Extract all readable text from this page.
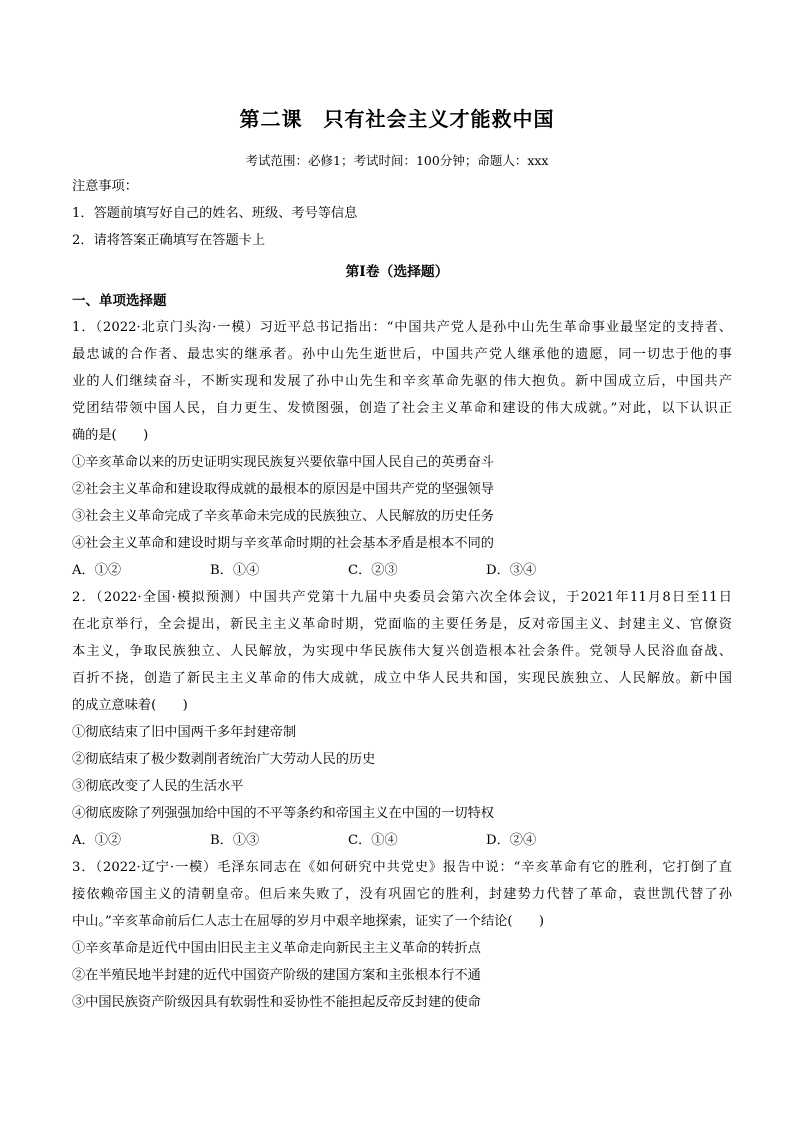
第二课　只有社会主义才能救中国
考试范围：必修1；考试时间：100分钟；命题人：xxx
注意事项：
1．答题前填写好自己的姓名、班级、考号等信息
2．请将答案正确填写在答题卡上
第I卷（选择题）
一、单项选择题
1．（2022·北京门头沟·一模）习近平总书记指出：“中国共产党人是孙中山先生革命事业最坚定的支持者、
最忠诚的合作者、最忠实的继承者。孙中山先生逝世后，中国共产党人继承他的遗愿，同一切忠于他的事
业的人们继续奋斗，不断实现和发展了孙中山先生和辛亥革命先驱的伟大抱负。新中国成立后，中国共产
党团结带领中国人民，自力更生、发愤图强，创造了社会主义革命和建设的伟大成就。”对此，以下认识正
确的是(　　)
①辛亥革命以来的历史证明实现民族复兴要依靠中国人民自己的英勇奋斗
②社会主义革命和建设取得成就的最根本的原因是中国共产党的坚强领导
③社会主义革命完成了辛亥革命未完成的民族独立、人民解放的历史任务
④社会主义革命和建设时期与辛亥革命时期的社会基本矛盾是根本不同的
A．①②	B．①④	C．②③	D．③④
2．（2022·全国·模拟预测）中国共产党第十九届中央委员会第六次全体会议，于2021年11月8日至11日
在北京举行，全会提出，新民主主义革命时期，党面临的主要任务是，反对帝国主义、封建主义、官僚资
本主义，争取民族独立、人民解放，为实现中华民族伟大复兴创造根本社会条件。党领导人民浴血奋战、
百折不挠，创造了新民主主义革命的伟大成就，成立中华人民共和国，实现民族独立、人民解放。新中国
的成立意味着(　　)
①彻底结束了旧中国两千多年封建帝制
②彻底结束了极少数剥削者统治广大劳动人民的历史
③彻底改变了人民的生活水平
④彻底废除了列强强加给中国的不平等条约和帝国主义在中国的一切特权
A．①②	B．①③	C．①④	D．②④
3．（2022·辽宁·一模）毛泽东同志在《如何研究中共党史》报告中说：“辛亥革命有它的胜利，它打倒了直
接依赖帝国主义的清朝皇帝。但后来失败了，没有巩固它的胜利，封建势力代替了革命，袁世凯代替了孙
中山。”辛亥革命前后仁人志士在屈辱的岁月中艰辛地探索，证实了一个结论(　　)
①辛亥革命是近代中国由旧民主主义革命走向新民主主义革命的转折点
②在半殖民地半封建的近代中国资产阶级的建国方案和主张根本行不通
③中国民族资产阶级因具有软弱性和妥协性不能担起反帝反封建的使命
